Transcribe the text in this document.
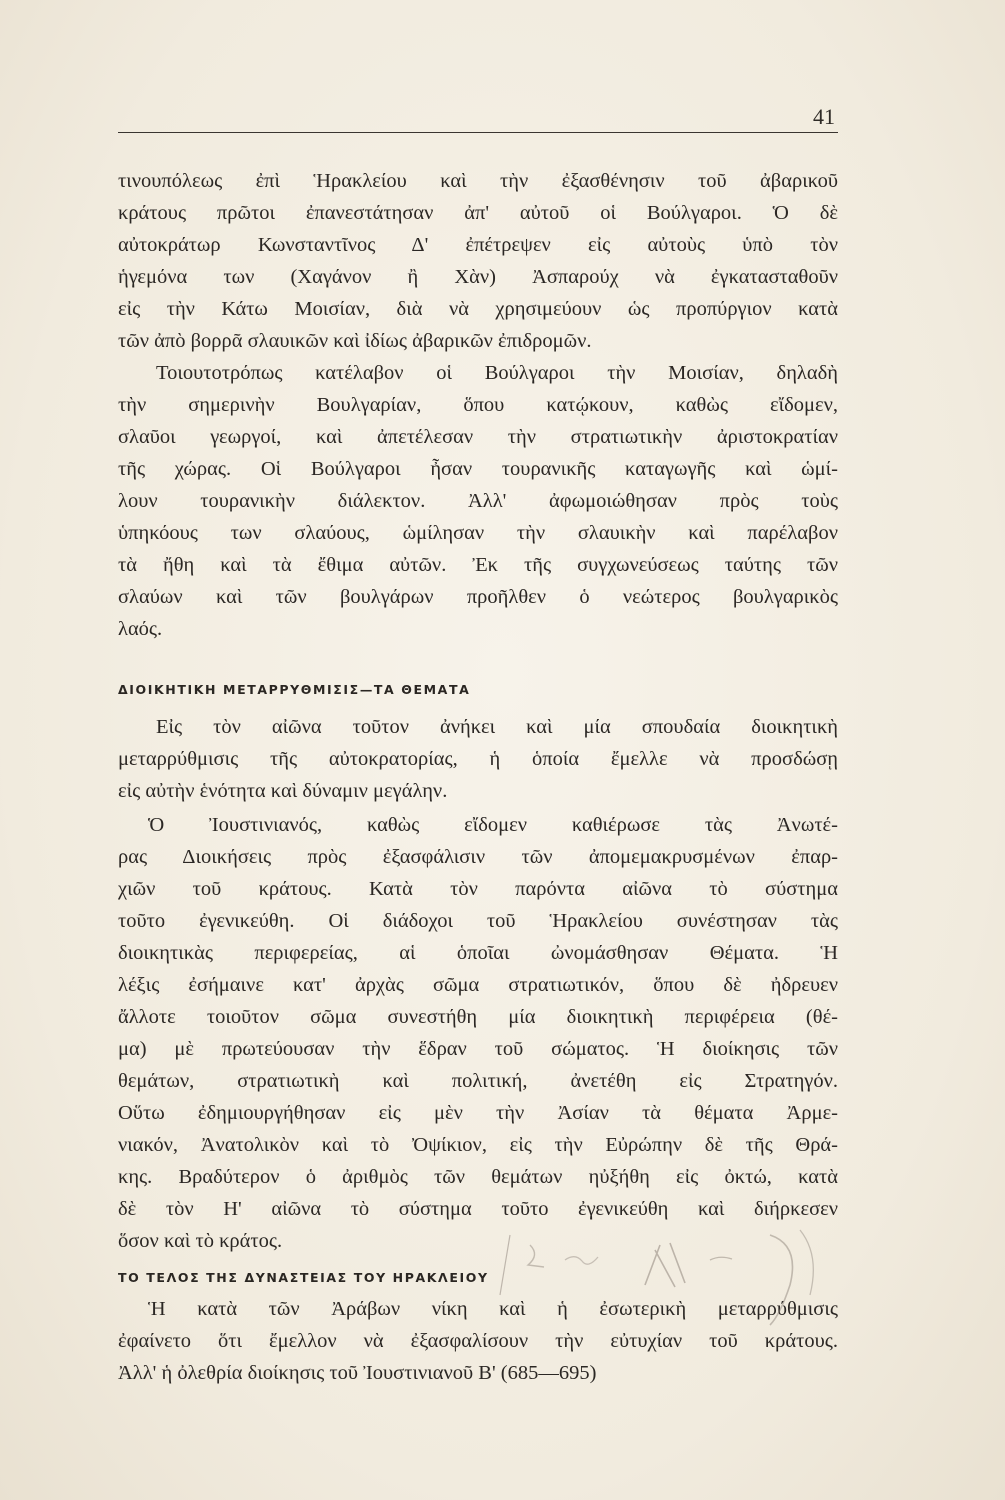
41
τινουπόλεως ἐπὶ Ἡρακλείου καὶ τὴν ἐξασθένησιν τοῦ ἀβαρικοῦ
κράτους πρῶτοι ἐπανεστάτησαν ἀπ' αὐτοῦ οἱ Βούλγαροι. Ὁ δὲ
αὐτοκράτωρ Κωνσταντῖνος Δ' ἐπέτρεψεν εἰς αὐτοὺς ὑπὸ τὸν
ἡγεμόνα των (Χαγάνον ἢ Χὰν) Ἀσπαρούχ νὰ ἐγκατασταθοῦν
εἰς τὴν Κάτω Μοισίαν, διὰ νὰ χρησιμεύουν ὡς προπύργιον κατὰ
τῶν ἀπὸ βορρᾶ σλαυικῶν καὶ ἰδίως ἀβαρικῶν ἐπιδρομῶν.
Τοιουτοτρόπως κατέλαβον οἱ Βούλγαροι τὴν Μοισίαν, δηλαδὴ
τὴν σημερινὴν Βουλγαρίαν, ὅπου κατῴκουν, καθὼς εἴδομεν,
σλαῦοι γεωργοί, καὶ ἀπετέλεσαν τὴν στρατιωτικὴν ἀριστοκρατίαν
τῆς χώρας. Οἱ Βούλγαροι ἦσαν τουρανικῆς καταγωγῆς καὶ ὡμί-
λουν τουρανικὴν διάλεκτον. Ἀλλ' ἀφωμοιώθησαν πρὸς τοὺς
ὑπηκόους των σλαύους, ὡμίλησαν τὴν σλαυικὴν καὶ παρέλαβον
τὰ ἤθη καὶ τὰ ἔθιμα αὐτῶν. Ἐκ τῆς συγχωνεύσεως ταύτης τῶν
σλαύων καὶ τῶν βουλγάρων προῆλθεν ὁ νεώτερος βουλγαρικὸς
λαός.
ΔΙΟΙΚΗΤΙΚΗ ΜΕΤΑΡΡΥΘΜΙΣΙΣ—ΤΑ ΘΕΜΑΤΑ
Εἰς τὸν αἰῶνα τοῦτον ἀνήκει καὶ μία σπουδαία διοικητικὴ
μεταρρύθμισις τῆς αὐτοκρατορίας, ἡ ὁποία ἔμελλε νὰ προσδώσῃ
εἰς αὐτὴν ἑνότητα καὶ δύναμιν μεγάλην.
Ὁ Ἰουστινιανός, καθὼς εἴδομεν καθιέρωσε τὰς Ἀνωτέ-
ρας Διοικήσεις πρὸς ἐξασφάλισιν τῶν ἀπομεμακρυσμένων ἐπαρ-
χιῶν τοῦ κράτους. Κατὰ τὸν παρόντα αἰῶνα τὸ σύστημα
τοῦτο ἐγενικεύθη. Οἱ διάδοχοι τοῦ Ἡρακλείου συνέστησαν τὰς
διοικητικὰς περιφερείας, αἱ ὁποῖαι ὠνομάσθησαν Θέματα. Ἡ
λέξις ἐσήμαινε κατ' ἀρχὰς σῶμα στρατιωτικόν, ὅπου δὲ ἠδρευεν
ἄλλοτε τοιοῦτον σῶμα συνεστήθη μία διοικητικὴ περιφέρεια (θέ-
μα) μὲ πρωτεύουσαν τὴν ἕδραν τοῦ σώματος. Ἡ διοίκησις τῶν
θεμάτων, στρατιωτικὴ καὶ πολιτική, ἀνετέθη εἰς Στρατηγόν.
Οὕτω ἐδημιουργήθησαν εἰς μὲν τὴν Ἀσίαν τὰ θέματα Ἀρμε-
νιακόν, Ἀνατολικὸν καὶ τὸ Ὀψίκιον, εἰς τὴν Εὐρώπην δὲ τῆς Θρά-
κης. Βραδύτερον ὁ ἀριθμὸς τῶν θεμάτων ηὐξήθη εἰς ὀκτώ, κατὰ
δὲ τὸν Η' αἰῶνα τὸ σύστημα τοῦτο ἐγενικεύθη καὶ διήρκεσεν
ὅσον καὶ τὸ κράτος.
ΤΟ ΤΕΛΟΣ ΤΗΣ ΔΥΝΑΣΤΕΙΑΣ ΤΟΥ ΗΡΑΚΛΕΙΟΥ
Ἡ κατὰ τῶν Ἀράβων νίκη καὶ ἡ ἐσωτερικὴ μεταρρύθμισις
ἐφαίνετο ὅτι ἔμελλον νὰ ἐξασφαλίσουν τὴν εὐτυχίαν τοῦ κράτους.
Ἀλλ' ἡ ὀλεθρία διοίκησις τοῦ Ἰουστινιανοῦ Β' (685—695)
